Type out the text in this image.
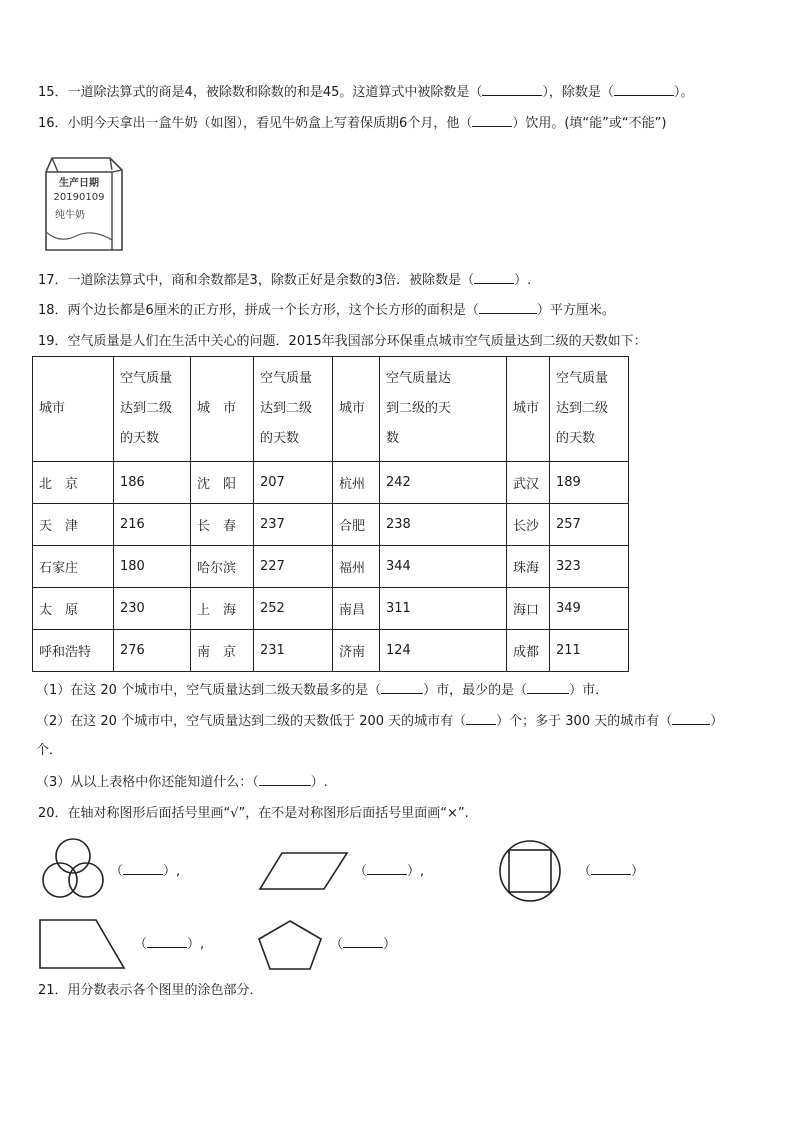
15．一道除法算式的商是4，被除数和除数的和是45。这道算式中被除数是（	），除数是（	）。
16．小明今天拿出一盒牛奶（如图），看见牛奶盒上写着保质期6个月，他（	）饮用。(填“能”或“不能”)
生产日期
20190109
纯牛奶
17．一道除法算式中，商和余数都是3，除数正好是余数的3倍．被除数是（	）.
18．两个边长都是6厘米的正方形，拼成一个长方形，这个长方形的面积是（	）平方厘米。
19．空气质量是人们在生活中关心的问题．2015年我国部分环保重点城市空气质量达到二级的天数如下：
城市	空气质量
达到二级
的天数	城　市	空气质量
达到二级
的天数	城市	空气质量达
到二级的天
数	城市	空气质量
达到二级
的天数
北　京	186	沈　阳	207	杭州	242	武汉	189
天　津	216	长　春	237	合肥	238	长沙	257
石家庄	180	哈尔滨	227	福州	344	珠海	323
太　原	230	上　海	252	南昌	311	海口	349
呼和浩特	276	南　京	231	济南	124	成都	211
（1）在这 20 个城市中，空气质量达到二级天数最多的是（	）市，最少的是（	）市．
（2）在这 20 个城市中，空气质量达到二级的天数低于 200 天的城市有（ ）个；多于 300 天的城市有（	）
个．
（3）从以上表格中你还能知道什么：（	）.
20．在轴对称图形后面括号里画“√”，在不是对称图形后面括号里面画“×”.
（	）,	（	）,	（	）
（	）,	（	）
21．用分数表示各个图里的涂色部分．
